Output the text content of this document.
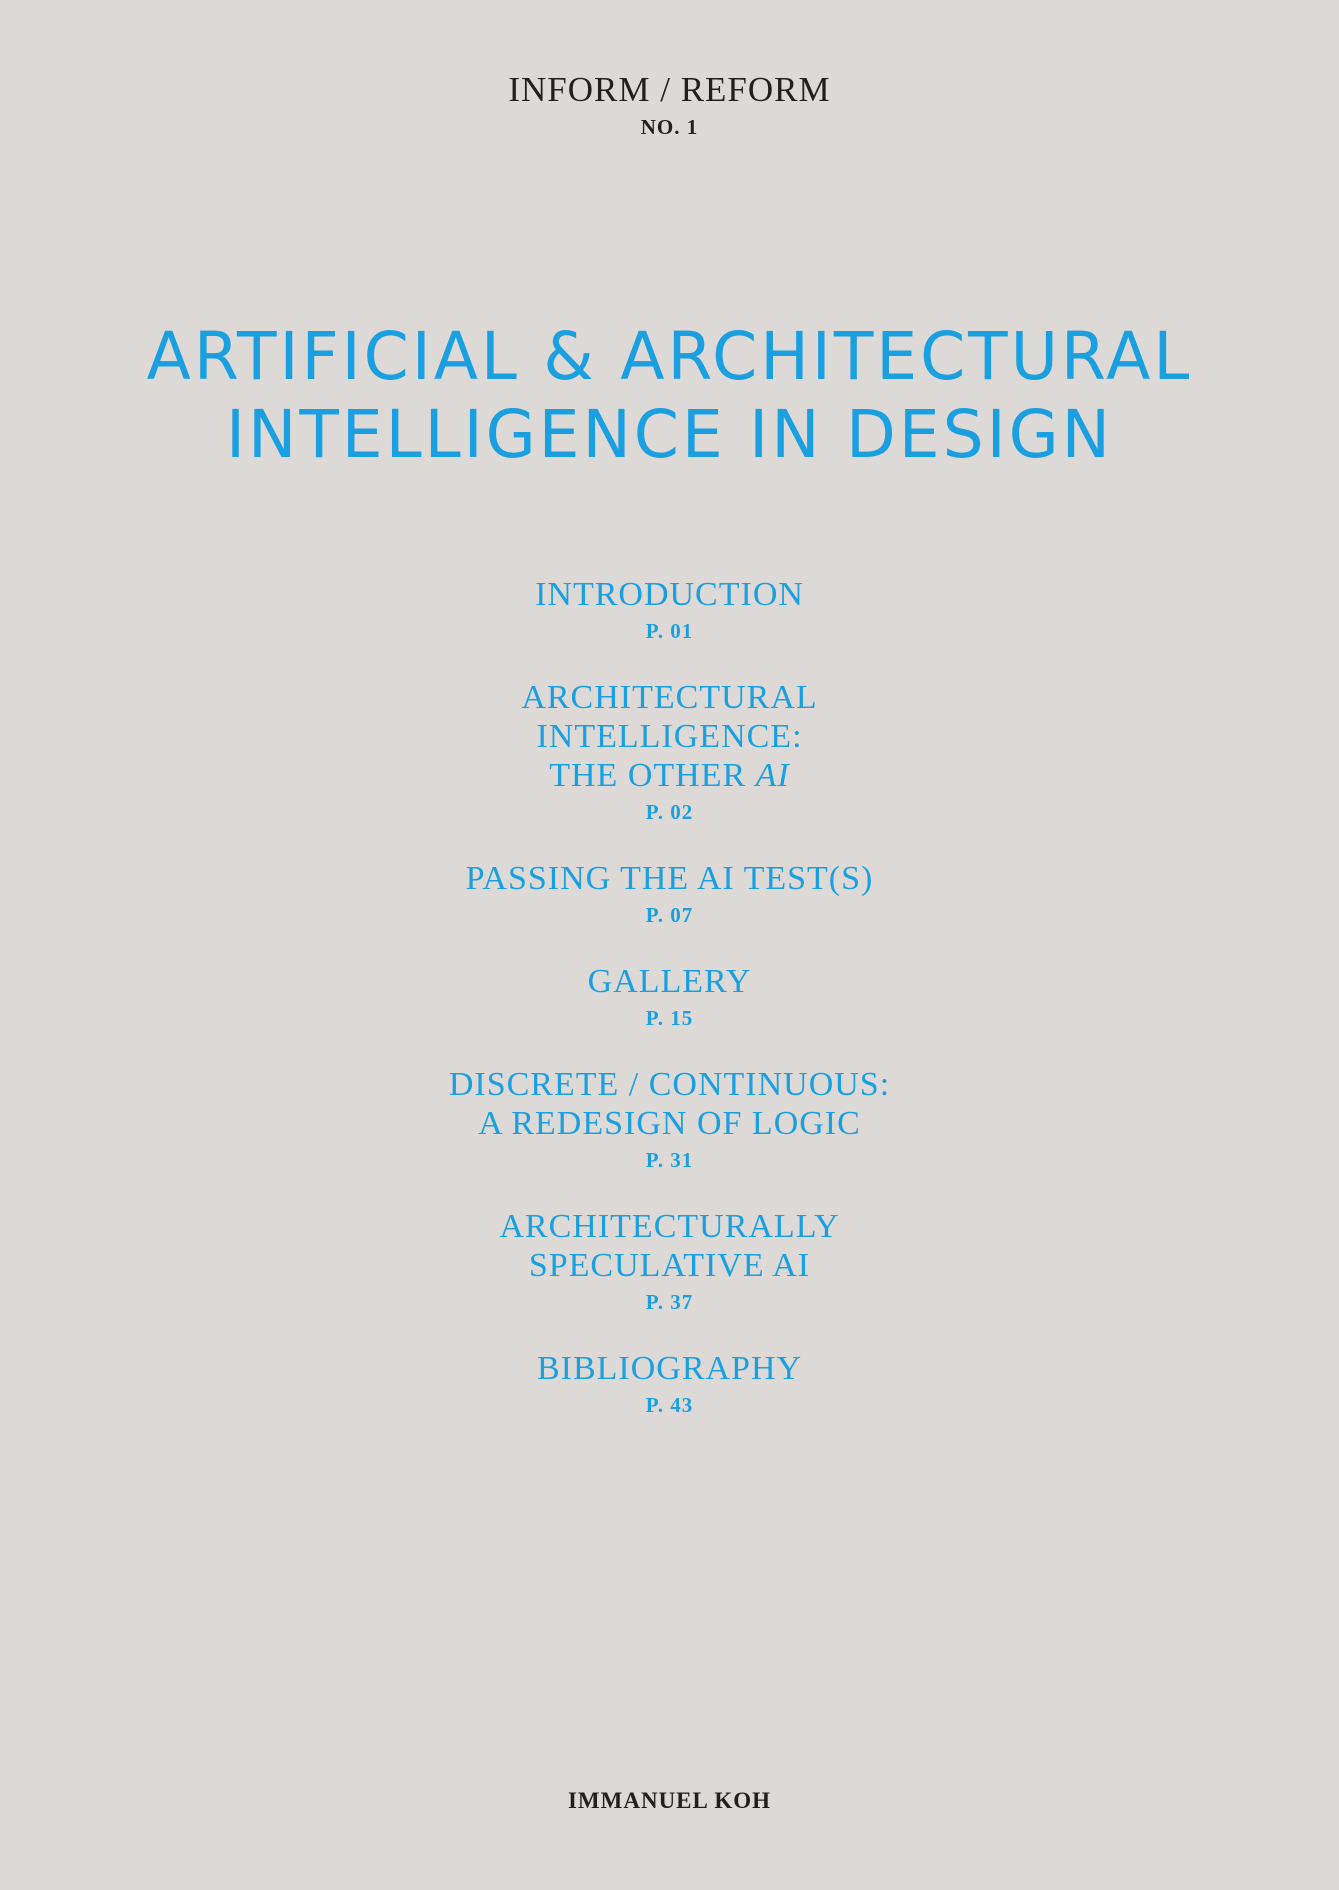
INFORM / REFORM
NO. 1
ARTIFICIAL & ARCHITECTURAL
INTELLIGENCE IN DESIGN
INTRODUCTION
P. 01
ARCHITECTURAL
INTELLIGENCE:
THE OTHER AI
P. 02
PASSING THE AI TEST(S)
P. 07
GALLERY
P. 15
DISCRETE / CONTINUOUS:
A REDESIGN OF LOGIC
P. 31
ARCHITECTURALLY
SPECULATIVE AI
P. 37
BIBLIOGRAPHY
P. 43
IMMANUEL KOH
